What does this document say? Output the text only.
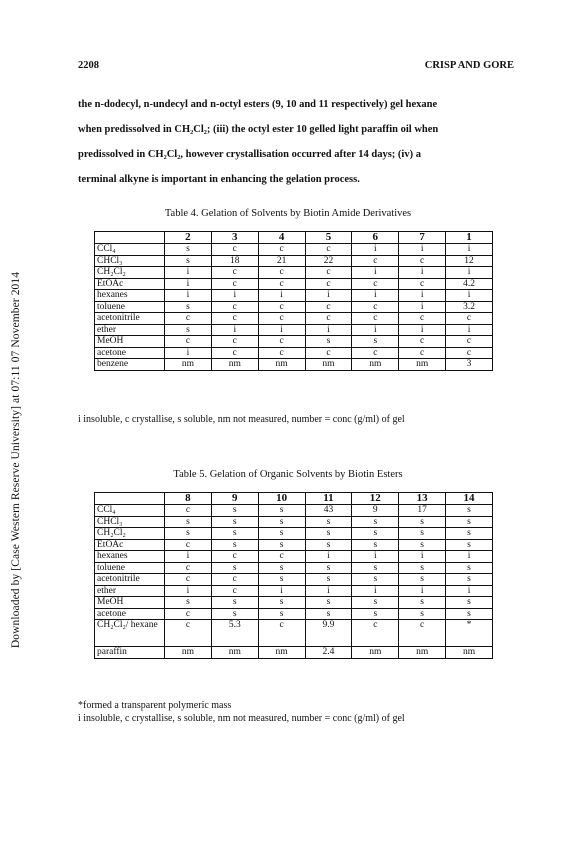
Downloaded by [Case Western Reserve University] at 07:11 07 November 2014
2208	CRISP AND GORE
the n-dodecyl, n-undecyl and n-octyl esters (9, 10 and 11 respectively) gel hexane
when predissolved in CH₂Cl₂; (iii) the octyl ester 10 gelled light paraffin oil when
predissolved in CH₂Cl₂, however crystallisation occurred after 14 days; (iv) a
terminal alkyne is important in enhancing the gelation process.
Table 4. Gelation of Solvents by Biotin Amide Derivatives
	2	3	4	5	6	7	1
CCl₄	s	c	c	c	i	i	i
CHCl₃	s	18	21	22	c	c	12
CH₂Cl₂	i	c	c	c	i	i	i
EtOAc	i	c	c	c	c	c	4.2
hexanes	i	i	i	i	i	i	i
toluene	s	c	c	c	c	i	3.2
acetonitrile	c	c	c	c	c	c	c
ether	s	i	i	i	i	i	i
MeOH	c	c	c	s	s	c	c
acetone	i	c	c	c	c	c	c
benzene	nm	nm	nm	nm	nm	nm	3
i insoluble, c crystallise, s soluble, nm not measured, number = conc (g/ml) of gel
Table 5. Gelation of Organic Solvents by Biotin Esters
	8	9	10	11	12	13	14
CCl₄	c	s	s	43	9	17	s
CHCl₃	s	s	s	s	s	s	s
CH₂Cl₂	s	s	s	s	s	s	s
EtOAc	c	s	s	s	s	s	s
hexanes	i	c	c	i	i	i	i
toluene	c	s	s	s	s	s	s
acetonitrile	c	c	s	s	s	s	s
ether	i	c	i	i	i	i	i
MeOH	s	s	s	s	s	s	s
acetone	c	s	s	s	s	s	s
CH₂Cl₂/ hexane	c	5.3	c	9.9	c	c	*
paraffin	nm	nm	nm	2.4	nm	nm	nm
*formed a transparent polymeric mass
i insoluble, c crystallise, s soluble, nm not measured, number = conc (g/ml) of gel
